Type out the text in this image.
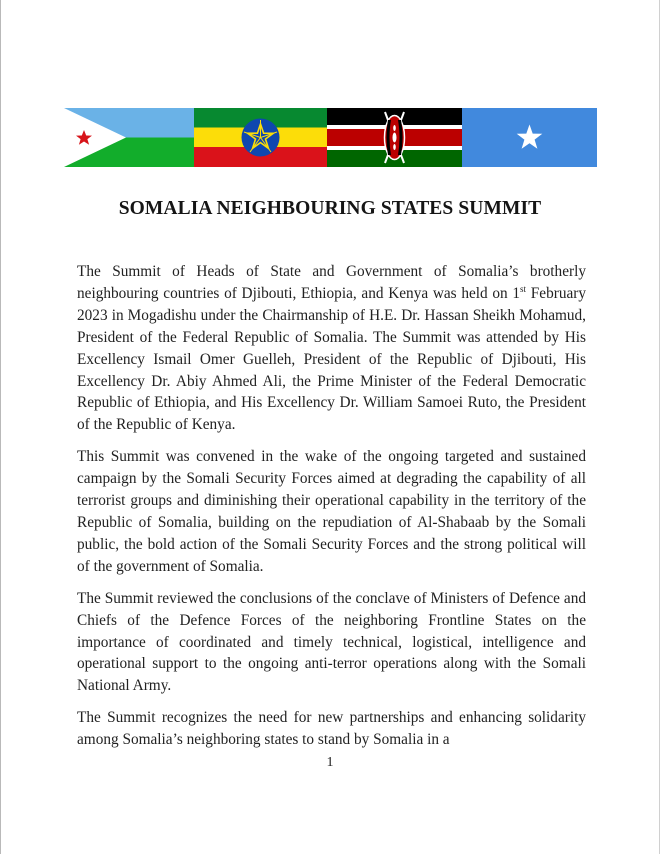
SOMALIA NEIGHBOURING STATES SUMMIT

The Summit of Heads of State and Government of Somalia’s brotherly neighbouring countries of Djibouti, Ethiopia, and Kenya was held on 1st February 2023 in Mogadishu under the Chairmanship of H.E. Dr. Hassan Sheikh Mohamud, President of the Federal Republic of Somalia. The Summit was attended by His Excellency Ismail Omer Guelleh, President of the Republic of Djibouti, His Excellency Dr. Abiy Ahmed Ali, the Prime Minister of the Federal Democratic Republic of Ethiopia, and His Excellency Dr. William Samoei Ruto, the President of the Republic of Kenya.

This Summit was convened in the wake of the ongoing targeted and sustained campaign by the Somali Security Forces aimed at degrading the capability of all terrorist groups and diminishing their operational capability in the territory of the Republic of Somalia, building on the repudiation of Al-Shabaab by the Somali public, the bold action of the Somali Security Forces and the strong political will of the government of Somalia.

The Summit reviewed the conclusions of the conclave of Ministers of Defence and Chiefs of the Defence Forces of the neighboring Frontline States on the importance of coordinated and timely technical, logistical, intelligence and operational support to the ongoing anti-terror operations along with the Somali National Army.

The Summit recognizes the need for new partnerships and enhancing solidarity among Somalia’s neighboring states to stand by Somalia in a

1
